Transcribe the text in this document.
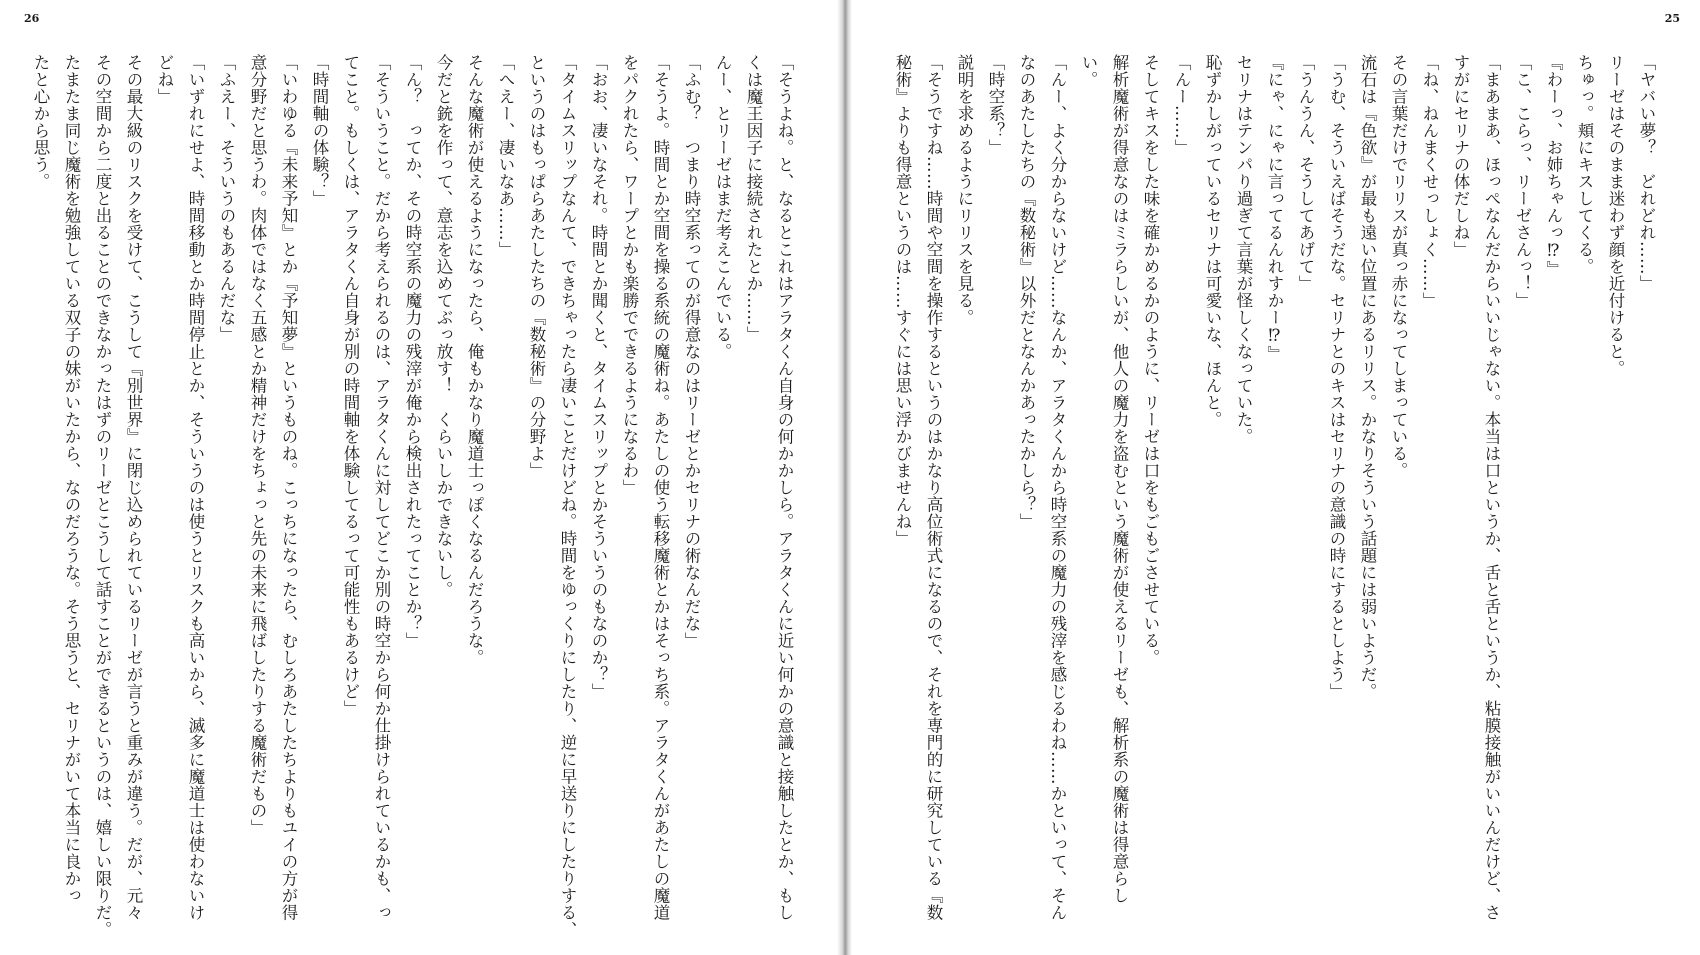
26
「そうよね。と、なるとこれはアラタくん自身の何かかしら。アラタくんに近い何かの意識と接触したとか、もし
くは魔王因子に接続されたとか……」
んー、とリーゼはまだ考えこんでいる。
「ふむ？　つまり時空系ってのが得意なのはリーゼとかセリナの術なんだな」
「そうよ。時間とか空間を操る系統の魔術ね。あたしの使う転移魔術とかはそっち系。アラタくんがあたしの魔道
をパクれたら、ワープとかも楽勝でできるようになるわ」
「おお、凄いなそれ。時間とか聞くと、タイムスリップとかそういうのもなのか？」
「タイムスリップなんて、できちゃったら凄いことだけどね。時間をゆっくりにしたり、逆に早送りにしたりする、
というのはもっぱらあたしたちの『数秘術』の分野よ」
「へえー、凄いなあ……」
そんな魔術が使えるようになったら、俺もかなり魔道士っぽくなるんだろうな。
今だと銃を作って、意志を込めてぶっ放す！　くらいしかできないし。
「ん？　ってか、その時空系の魔力の残滓が俺から検出されたってことか？」
「そういうこと。だから考えられるのは、アラタくんに対してどこか別の時空から何か仕掛けられているかも、っ
てこと。もしくは、アラタくん自身が別の時間軸を体験してるって可能性もあるけど」
「時間軸の体験？」
「いわゆる『未来予知』とか『予知夢』というものね。こっちになったら、むしろあたしたちよりもユイの方が得
意分野だと思うわ。肉体ではなく五感とか精神だけをちょっと先の未来に飛ばしたりする魔術だもの」
「ふえー、そういうのもあるんだな」
「いずれにせよ、時間移動とか時間停止とか、そういうのは使うとリスクも高いから、滅多に魔道士は使わないけ
どね」
その最大級のリスクを受けて、こうして『別世界』に閉じ込められているリーゼが言うと重みが違う。だが、元々
その空間から二度と出ることのできなかったはずのリーゼとこうして話すことができるというのは、嬉しい限りだ。
たまたま同じ魔術を勉強している双子の妹がいたから、なのだろうな。そう思うと、セリナがいて本当に良かっ
たと心から思う。
25
「ヤバい夢？　どれどれ……」
リーゼはそのまま迷わず顔を近付けると。
ちゅっ。頬にキスしてくる。
『わーっ、お姉ちゃんっ⁉』
「こ、こらっ、リーゼさんっ！」
「まあまあ、ほっぺなんだからいいじゃない。本当は口というか、舌と舌というか、粘膜接触がいいんだけど、さ
すがにセリナの体だしね」
「ね、ねんまくせっしょく……」
その言葉だけでリリスが真っ赤になってしまっている。
流石は『色欲』が最も遠い位置にあるリリス。かなりそういう話題には弱いようだ。
「うむ、そういえばそうだな。セリナとのキスはセリナの意識の時にするとしよう」
「うんうん、そうしてあげて」
『にゃ、にゃに言ってるんれすかー⁉』
セリナはテンパり過ぎて言葉が怪しくなっていた。
恥ずかしがっているセリナは可愛いな、ほんと。
「んー……」
そしてキスをした味を確かめるかのように、リーゼは口をもごもごさせている。
解析魔術が得意なのはミラらしいが、他人の魔力を盗むという魔術が使えるリーゼも、解析系の魔術は得意らし
い。
「んー、よく分からないけど……なんか、アラタくんから時空系の魔力の残滓を感じるわね……かといって、そん
なのあたしたちの『数秘術』以外だとなんかあったかしら？」
「時空系？」
説明を求めるようにリリスを見る。
「そうですね……時間や空間を操作するというのはかなり高位術式になるので、それを専門的に研究している『数
秘術』よりも得意というのは……すぐには思い浮かびませんね」
